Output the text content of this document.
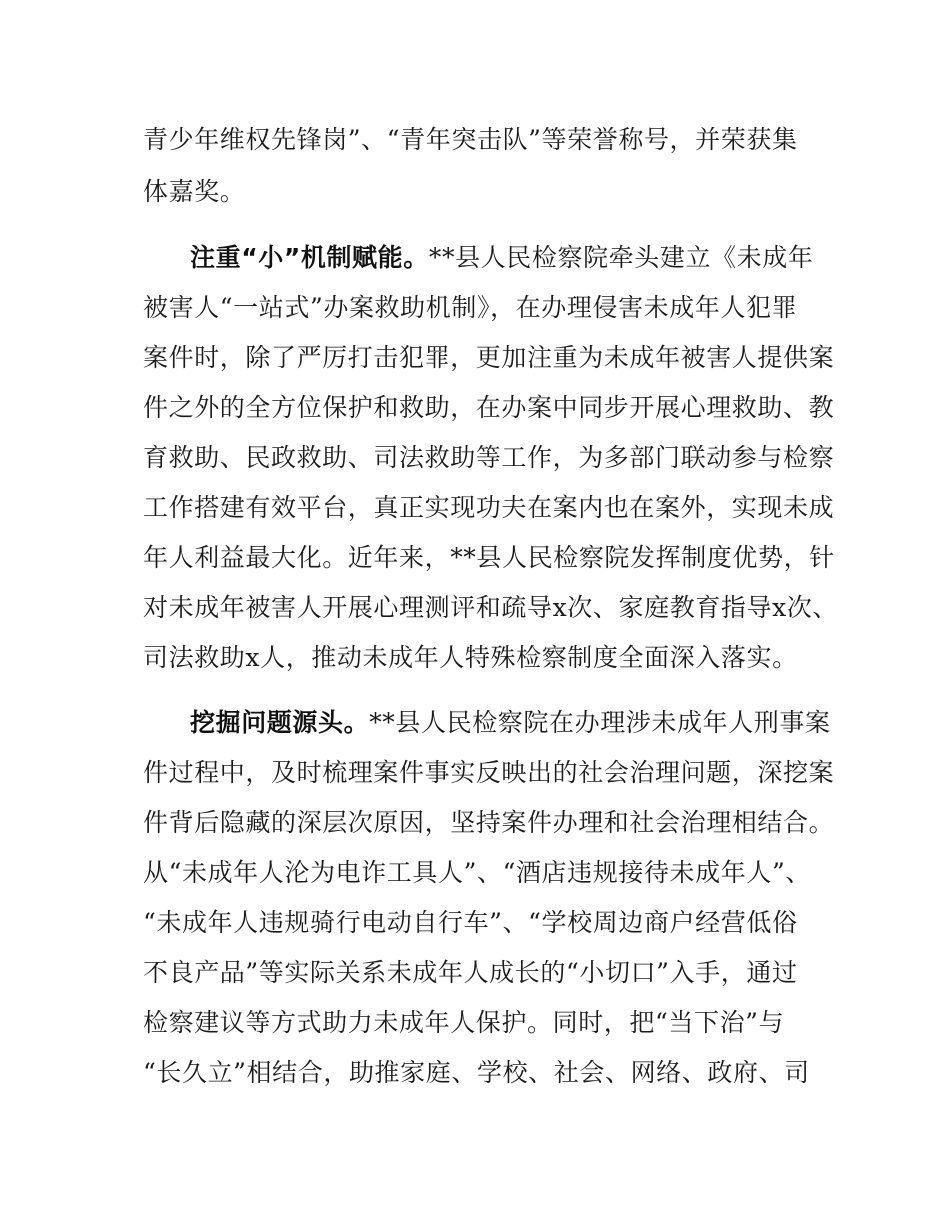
青少年维权先锋岗”、“青年突击队”等荣誉称号，并荣获集
体嘉奖。
注重“小”机制赋能。**县人民检察院牵头建立《未成年
被害人“一站式”办案救助机制》，在办理侵害未成年人犯罪
案件时，除了严厉打击犯罪，更加注重为未成年被害人提供案
件之外的全方位保护和救助，在办案中同步开展心理救助、教
育救助、民政救助、司法救助等工作，为多部门联动参与检察
工作搭建有效平台，真正实现功夫在案内也在案外，实现未成
年人利益最大化。近年来，**县人民检察院发挥制度优势，针
对未成年被害人开展心理测评和疏导x次、家庭教育指导x次、
司法救助x人，推动未成年人特殊检察制度全面深入落实。
挖掘问题源头。**县人民检察院在办理涉未成年人刑事案
件过程中，及时梳理案件事实反映出的社会治理问题，深挖案
件背后隐藏的深层次原因，坚持案件办理和社会治理相结合。
从“未成年人沦为电诈工具人”、“酒店违规接待未成年人”、
“未成年人违规骑行电动自行车”、“学校周边商户经营低俗
不良产品”等实际关系未成年人成长的“小切口”入手，通过
检察建议等方式助力未成年人保护。同时，把“当下治”与
“长久立”相结合，助推家庭、学校、社会、网络、政府、司
